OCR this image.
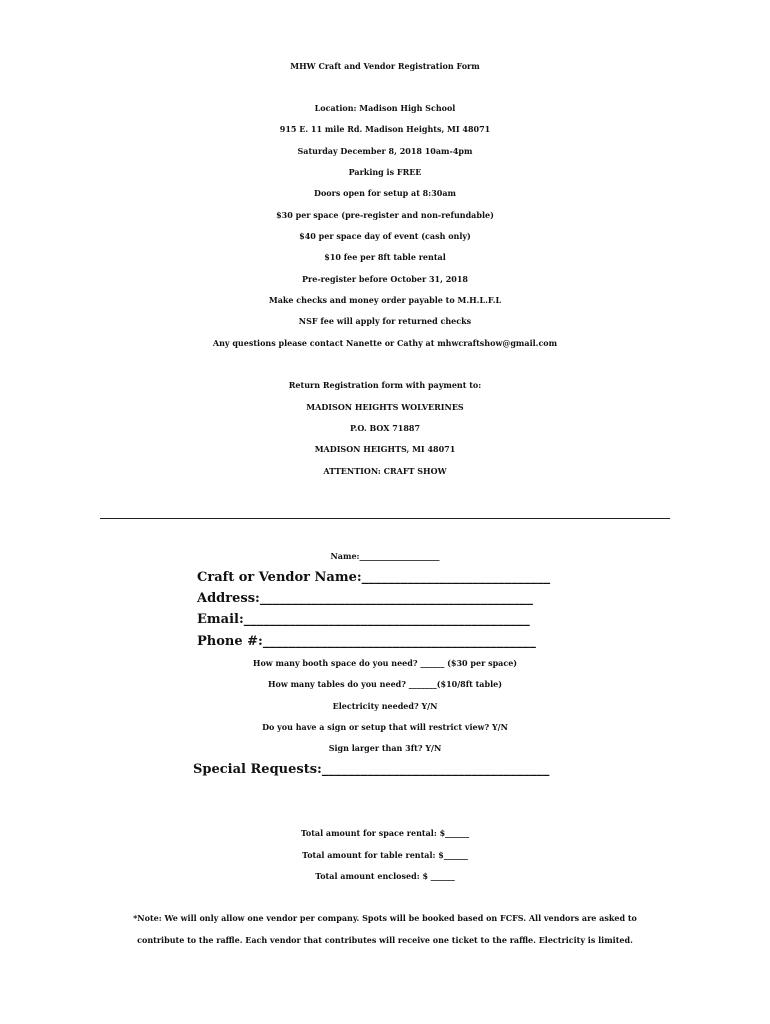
MHW Craft and Vendor Registration Form
Location: Madison High School
915 E. 11 mile Rd. Madison Heights, MI 48071
Saturday December 8, 2018 10am-4pm
Parking is FREE
Doors open for setup at 8:30am
$30 per space (pre-register and non-refundable)
$40 per space day of event (cash only)
$10 fee per 8ft table rental
Pre-register before October 31, 2018
Make checks and money order payable to M.H.L.F.L
NSF fee will apply for returned checks
Any questions please contact Nanette or Cathy at mhwcraftshow@gmail.com
Return Registration form with payment to:
MADISON HEIGHTS WOLVERINES
P.O. BOX 71887
MADISON HEIGHTS, MI 48071
ATTENTION: CRAFT SHOW
Name:____________________
Craft or Vendor Name:_____________________________
Address:__________________________________________
Email:____________________________________________
Phone #:__________________________________________
How many booth space do you need? ______ ($30 per space)
How many tables do you need? _______($10/8ft table)
Electricity needed? Y/N
Do you have a sign or setup that will restrict view? Y/N
Sign larger than 3ft? Y/N
Special Requests:___________________________________
Total amount for space rental: $______
Total amount for table rental: $______
Total amount enclosed: $ ______
*Note: We will only allow one vendor per company. Spots will be booked based on FCFS. All vendors are asked to
contribute to the raffle. Each vendor that contributes will receive one ticket to the raffle. Electricity is limited.
